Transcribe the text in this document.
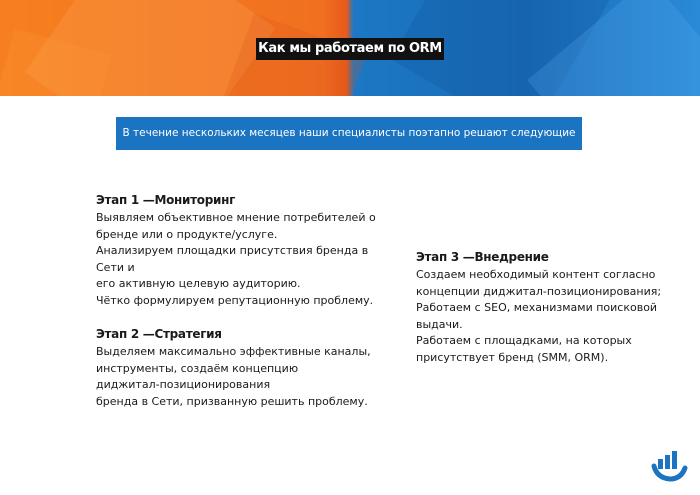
Как мы работаем по ORM
В течение нескольких месяцев наши специалисты поэтапно решают следующие задачи:
Этап 1 —Мониторинг

Выявляем объективное мнение потребителей о

бренде или о продукте/услуге.

Анализируем площадки присутствия бренда в Сети и

его активную целевую аудиторию.

Чётко формулируем репутационную проблему.

Этап 2 —Стратегия

Выделяем максимально эффективные каналы,

инструменты, создаём концепцию

диджитал-позиционирования

бренда в Сети, призванную решить проблему.

Этап 3 —Внедрение

Создаем необходимый контент согласно

концепции диджитал-позиционирования;

Работаем с SEO, механизмами поисковой выдачи.

Работаем с площадками, на которых

присутствует бренд (SMM, ORM).
